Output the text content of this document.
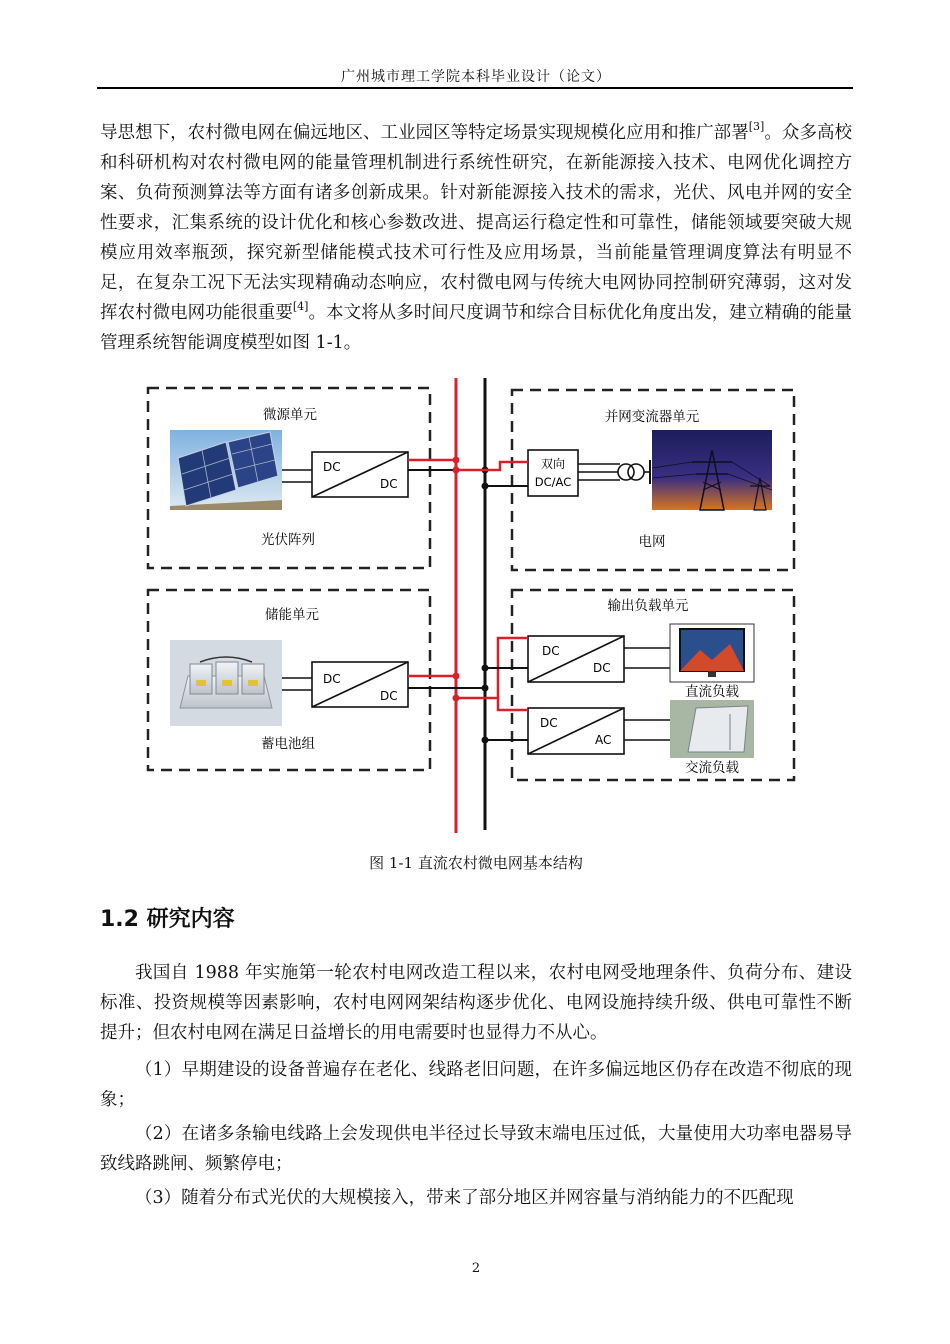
广州城市理工学院本科毕业设计（论文）

导思想下，农村微电网在偏远地区、工业园区等特定场景实现规模化应用和推广部署[3]。众多高校和科研机构对农村微电网的能量管理机制进行系统性研究，在新能源接入技术、电网优化调控方案、负荷预测算法等方面有诸多创新成果。针对新能源接入技术的需求，光伏、风电并网的安全性要求，汇集系统的设计优化和核心参数改进、提高运行稳定性和可靠性，储能领域要突破大规模应用效率瓶颈，探究新型储能模式技术可行性及应用场景，当前能量管理调度算法有明显不足，在复杂工况下无法实现精确动态响应，农村微电网与传统大电网协同控制研究薄弱，这对发挥农村微电网功能很重要[4]。本文将从多时间尺度调节和综合目标优化角度出发，建立精确的能量管理系统智能调度模型如图 1-1。

微源单元	并网变流器单元
储能单元
输出负载单元
光伏阵列
DC
DC
双向
DC/AC
电网
蓄电池组
DC
DC
DC
DC
DC
AC
直流负载
交流负载
图 1-1 直流农村微电网基本结构
1.2 研究内容

我国自 1988 年实施第一轮农村电网改造工程以来，农村电网受地理条件、负荷分布、建设标准、投资规模等因素影响，农村电网网架结构逐步优化、电网设施持续升级、供电可靠性不断提升；但农村电网在满足日益增长的用电需要时也显得力不从心。

（1）早期建设的设备普遍存在老化、线路老旧问题，在许多偏远地区仍存在改造不彻底的现象；

（2）在诸多条输电线路上会发现供电半径过长导致末端电压过低，大量使用大功率电器易导致线路跳闸、频繁停电；

（3）随着分布式光伏的大规模接入，带来了部分地区并网容量与消纳能力的不匹配现

2
